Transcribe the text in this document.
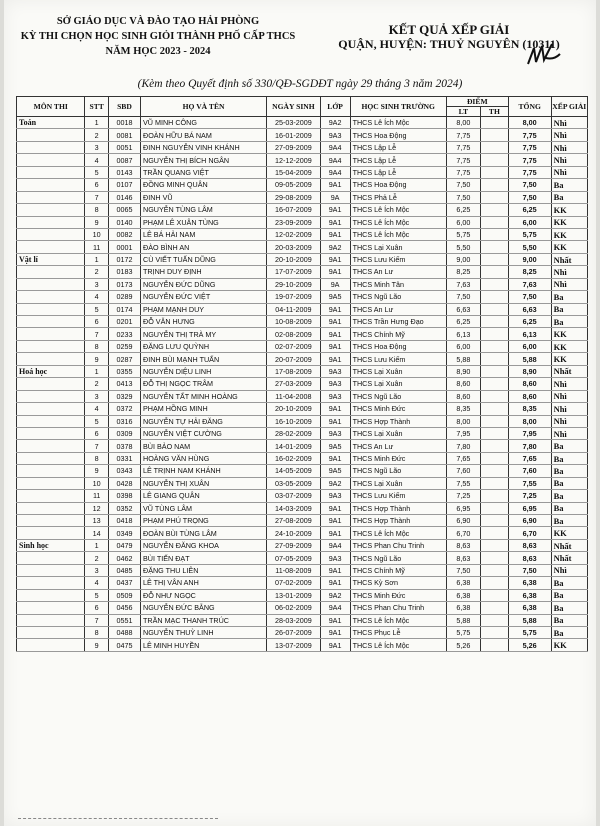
SỞ GIÁO DỤC VÀ ĐÀO TẠO HẢI PHÒNG
KỲ THI CHỌN HỌC SINH GIỎI THÀNH PHỐ CẤP THCS
NĂM HỌC 2023 - 2024
KẾT QUẢ XẾP GIẢI
QUẬN, HUYỆN: THUỶ NGUYÊN (10311)
(Kèm theo Quyết định số 330/QĐ-SGDĐT ngày 29 tháng 3 năm 2024)
MÔN THI	STT	SBD	HỌ VÀ TÊN	NGÀY SINH	LỚP	HỌC SINH TRƯỜNG	ĐIỂM		TỔNG	XẾP GIẢI
							LT	TH		
Toán	1	0018	VŨ MINH CÔNG	25-03-2009	9A2	THCS Lê Ích Mộc	8,00		8,00	Nhì
	2	0081	ĐOÀN HỮU BÁ NAM	16-01-2009	9A3	THCS Hoa Động	7,75		7,75	Nhì
	3	0051	ĐINH NGUYỄN VINH KHÁNH	27-09-2009	9A4	THCS Lập Lễ	7,75		7,75	Nhì
	4	0087	NGUYỄN THỊ BÍCH NGÂN	12-12-2009	9A4	THCS Lập Lễ	7,75		7,75	Nhì
	5	0143	TRẦN QUANG VIỆT	15-04-2009	9A4	THCS Lập Lễ	7,75		7,75	Nhì
	6	0107	ĐỒNG MINH QUÂN	09-05-2009	9A1	THCS Hoa Động	7,50		7,50	Ba
	7	0146	ĐINH VŨ	29-08-2009	9A	THCS Phả Lễ	7,50		7,50	Ba
	8	0065	NGUYỄN TÙNG LÂM	16-07-2009	9A1	THCS Lê Ích Mộc	6,25		6,25	KK
	9	0140	PHẠM LÊ XUÂN TÙNG	23-09-2009	9A1	THCS Lê Ích Mộc	6,00		6,00	KK
	10	0082	LÊ BÁ HẢI NAM	12-02-2009	9A1	THCS Lê Ích Mộc	5,75		5,75	KK
	11	0001	ĐÀO BÌNH AN	20-03-2009	9A2	THCS Lại Xuân	5,50		5,50	KK
Vật lí	1	0172	CÙ VIẾT TUẤN DŨNG	20-10-2009	9A1	THCS Lưu Kiếm	9,00		9,00	Nhất
	2	0183	TRỊNH DUY ĐỊNH	17-07-2009	9A1	THCS An Lư	8,25		8,25	Nhì
	3	0173	NGUYỄN ĐỨC DŨNG	29-10-2009	9A	THCS Minh Tân	7,63		7,63	Nhì
	4	0289	NGUYỄN ĐỨC VIỆT	19-07-2009	9A5	THCS Ngũ Lão	7,50		7,50	Ba
	5	0174	PHẠM MẠNH DUY	04-11-2009	9A1	THCS An Lư	6,63		6,63	Ba
	6	0201	ĐỖ VĂN HƯNG	10-08-2009	9A1	THCS Trần Hưng Đạo	6,25		6,25	Ba
	7	0233	NGUYỄN THỊ TRÀ MY	02-08-2009	9A1	THCS Chính Mỹ	6,13		6,13	KK
	8	0259	ĐẶNG LƯU QUỲNH	02-07-2009	9A1	THCS Hoa Động	6,00		6,00	KK
	9	0287	ĐINH BÙI MẠNH TUẤN	20-07-2009	9A1	THCS Lưu Kiếm	5,88		5,88	KK
Hoá học	1	0355	NGUYỄN DIỆU LINH	17-08-2009	9A3	THCS Lại Xuân	8,90		8,90	Nhất
	2	0413	ĐỖ THỊ NGỌC TRÂM	27-03-2009	9A3	THCS Lại Xuân	8,60		8,60	Nhì
	3	0329	NGUYỄN TẤT MINH HOÀNG	11-04-2008	9A3	THCS Ngũ Lão	8,60		8,60	Nhì
	4	0372	PHẠM HỒNG MINH	20-10-2009	9A1	THCS Minh Đức	8,35		8,35	Nhì
	5	0316	NGUYỄN TỰ HẢI ĐĂNG	16-10-2009	9A1	THCS Hợp Thành	8,00		8,00	Nhì
	6	0309	NGUYỄN VIỆT CƯỜNG	28-02-2009	9A3	THCS Lại Xuân	7,95		7,95	Nhì
	7	0378	BÙI BẢO NAM	14-01-2009	9A5	THCS An Lư	7,80		7,80	Ba
	8	0331	HOÀNG VĂN HÙNG	16-02-2009	9A1	THCS Minh Đức	7,65		7,65	Ba
	9	0343	LÊ TRỊNH NAM KHÁNH	14-05-2009	9A5	THCS Ngũ Lão	7,60		7,60	Ba
	10	0428	NGUYỄN THỊ XUÂN	03-05-2009	9A2	THCS Lại Xuân	7,55		7,55	Ba
	11	0398	LÊ GIANG QUÂN	03-07-2009	9A3	THCS Lưu Kiếm	7,25		7,25	Ba
	12	0352	VŨ TÙNG LÂM	14-03-2009	9A1	THCS Hợp Thành	6,95		6,95	Ba
	13	0418	PHẠM PHÚ TRỌNG	27-08-2009	9A1	THCS Hợp Thành	6,90		6,90	Ba
	14	0349	ĐOÀN BÙI TÙNG LÂM	24-10-2009	9A1	THCS Lê Ích Mộc	6,70		6,70	KK
Sinh học	1	0479	NGUYỄN ĐĂNG KHOA	27-09-2009	9A4	THCS Phan Chu Trinh	8,63		8,63	Nhất
	2	0462	BÙI TIẾN ĐẠT	07-05-2009	9A3	THCS Ngũ Lão	8,63		8,63	Nhất
	3	0485	ĐẶNG THU LIÊN	11-08-2009	9A1	THCS Chính Mỹ	7,50		7,50	Nhì
	4	0437	LÊ THỊ VÂN ANH	07-02-2009	9A1	THCS Kỳ Sơn	6,38		6,38	Ba
	5	0509	ĐỖ NHƯ NGỌC	13-01-2009	9A2	THCS Minh Đức	6,38		6,38	Ba
	6	0456	NGUYỄN ĐỨC BẰNG	06-02-2009	9A4	THCS Phan Chu Trinh	6,38		6,38	Ba
	7	0551	TRẦN MẠC THANH TRÚC	28-03-2009	9A1	THCS Lê Ích Mộc	5,88		5,88	Ba
	8	0488	NGUYỄN THUỲ LINH	26-07-2009	9A1	THCS Phục Lễ	5,75		5,75	Ba
	9	0475	LÊ MINH HUYỀN	13-07-2009	9A1	THCS Lê Ích Mộc	5,26		5,26	KK
